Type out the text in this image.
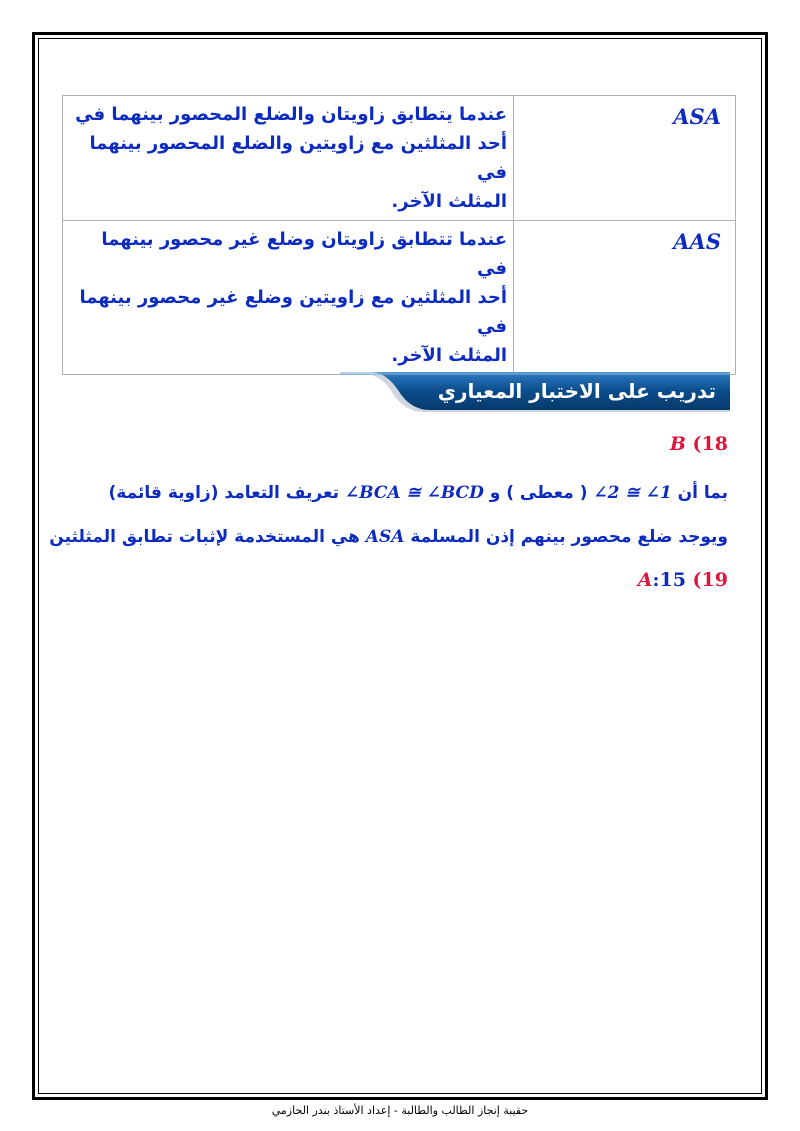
ASA	عندما يتطابق زاويتان والضلع المحصور بينهما في
أحد المثلثين مع زاويتين والضلع المحصور بينهما في
المثلث الآخر.

AAS	عندما تتطابق زاويتان وضلع غير محصور بينهما في
أحد المثلثين مع زاويتين وضلع غير محصور بينهما في
المثلث الآخر.
تدريب على الاختبار المعياري
18) B
بما أن ∠2 ≅ ∠1 ( معطى ) و ∠BCA ≅ ∠BCD تعريف التعامد (زاوية قائمة)
ويوجد ضلع محصور بينهم إذن المسلمة ASA هي المستخدمة لإثبات تطابق المثلثين
19) A:15
حقيبة إنجاز الطالب والطالبة - إعداد الأستاذ بندر الحازمي
